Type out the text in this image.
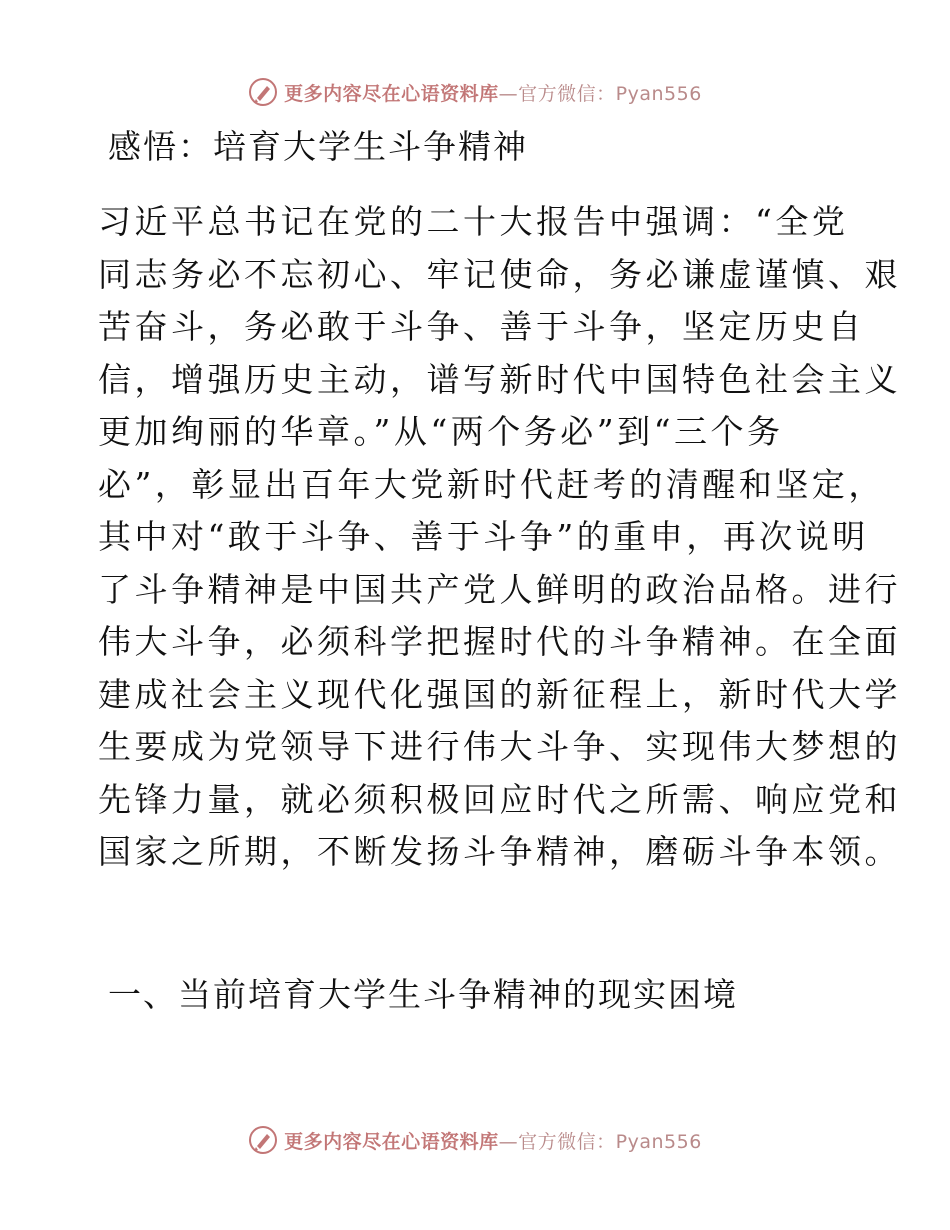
更多内容尽在心语资料库—官方微信：Pyan556
感悟：培育大学生斗争精神
习近平总书记在党的二十大报告中强调：“全党
同志务必不忘初心、牢记使命，务必谦虚谨慎、艰
苦奋斗，务必敢于斗争、善于斗争，坚定历史自
信，增强历史主动，谱写新时代中国特色社会主义
更加绚丽的华章。”从“两个务必”到“三个务
必”，彰显出百年大党新时代赶考的清醒和坚定，
其中对“敢于斗争、善于斗争”的重申，再次说明
了斗争精神是中国共产党人鲜明的政治品格。进行
伟大斗争，必须科学把握时代的斗争精神。在全面
建成社会主义现代化强国的新征程上，新时代大学
生要成为党领导下进行伟大斗争、实现伟大梦想的
先锋力量，就必须积极回应时代之所需、响应党和
国家之所期，不断发扬斗争精神，磨砺斗争本领。
一、当前培育大学生斗争精神的现实困境
更多内容尽在心语资料库—官方微信：Pyan556
